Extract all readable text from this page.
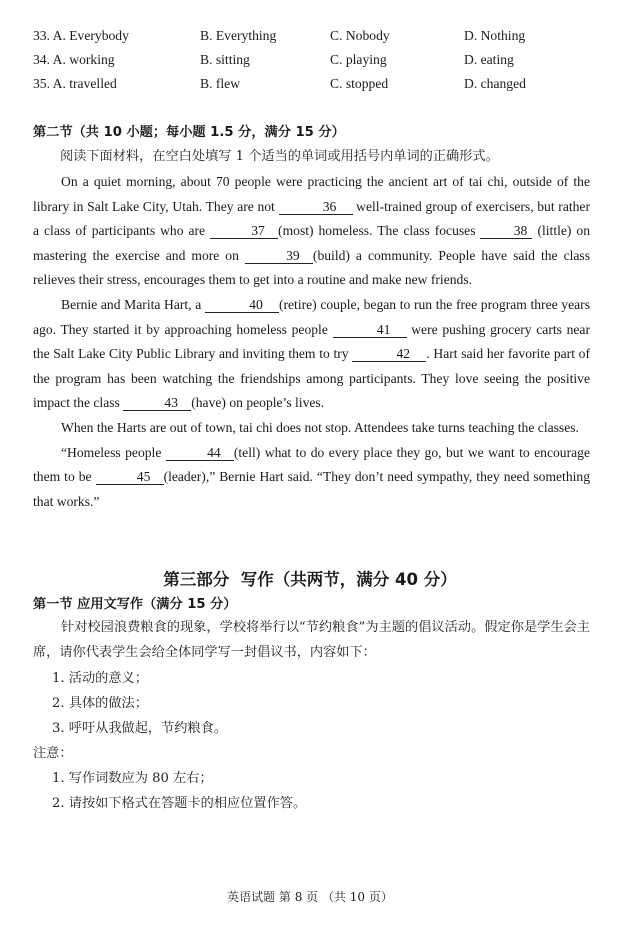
33. A. Everybody	B. Everything	C. Nobody	D. Nothing
34. A. working	B. sitting	C. playing	D. eating
35. A. travelled	B. flew	C. stopped	D. changed
第二节（共 10 小题；每小题 1.5 分，满分 15 分）
阅读下面材料，在空白处填写 1 个适当的单词或用括号内单词的正确形式。

On a quiet morning, about 70 people were practicing the ancient art of tai chi, outside of the library in Salt Lake City, Utah. They are not	36 well-trained group of exercisers, but rather a class of participants who are	37 (most) homeless. The class focuses 38 (little) on mastering the exercise and more on	39 (build) a community. People have said the class relieves their stress, encourages them to get into a routine and make new friends.

Bernie and Marita Hart, a	40 (retire) couple, began to run the free program three years ago. They started it by approaching homeless people	41 were pushing grocery carts near the Salt Lake City Public Library and inviting them to try	42 . Hart said her favorite part of the program has been watching the friendships among participants. They love seeing the positive impact the class	43 (have) on people’s lives.

When the Harts are out of town, tai chi does not stop. Attendees take turns teaching the classes.

“Homeless people	44 (tell) what to do every place they go, but we want to encourage them to be	45 (leader),” Bernie Hart said. “They don’t need sympathy, they need something that works.”

第三部分  写作（共两节，满分 40 分）
第一节 应用文写作（满分 15 分）
针对校园浪费粮食的现象，学校将举行以“节约粮食”为主题的倡议活动。假定你是学生会主席，请你代表学生会给全体同学写一封倡议书，内容如下：
1. 活动的意义；
2. 具体的做法；
3. 呼吁从我做起，节约粮食。
注意：
1. 写作词数应为 80 左右；
2. 请按如下格式在答题卡的相应位置作答。
英语试题 第 8 页 （共 10 页）
